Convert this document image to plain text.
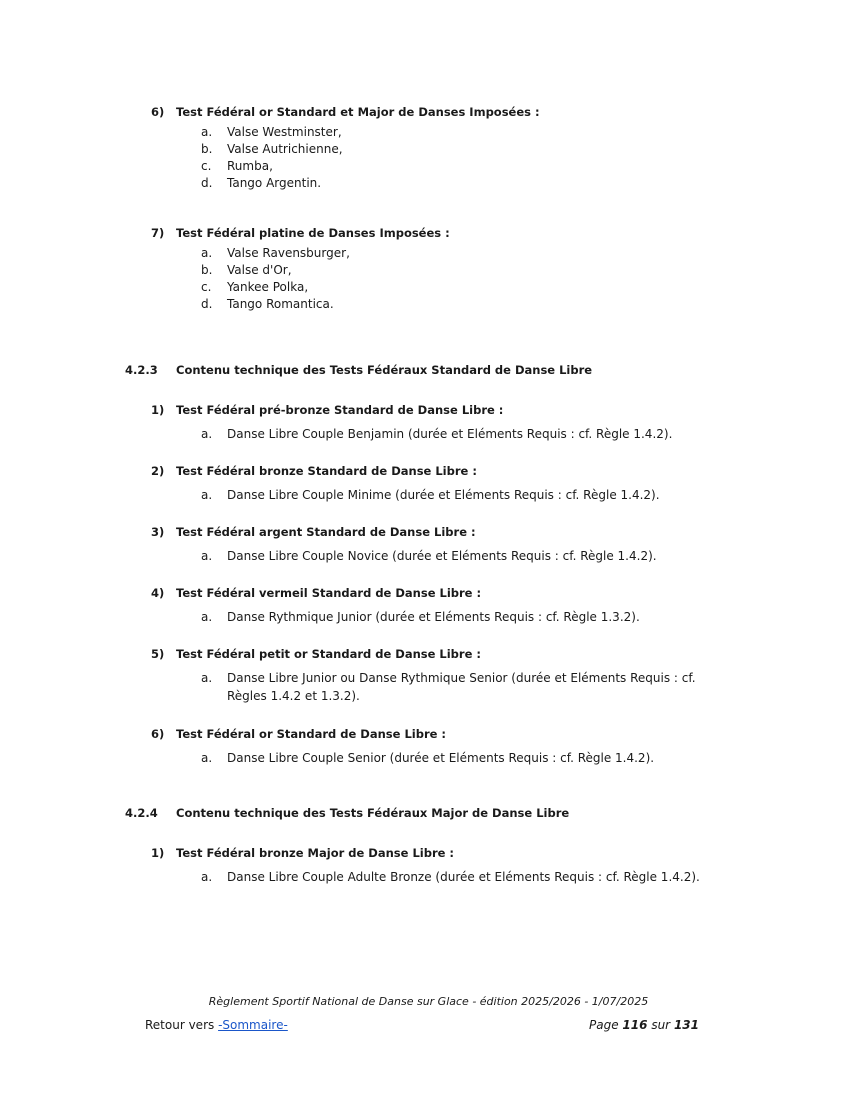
6) Test Fédéral or Standard et Major de Danses Imposées :
a. Valse Westminster,
b. Valse Autrichienne,
c. Rumba,
d. Tango Argentin.
7) Test Fédéral platine de Danses Imposées :
a. Valse Ravensburger,
b. Valse d'Or,
c. Yankee Polka,
d. Tango Romantica.
4.2.3 Contenu technique des Tests Fédéraux Standard de Danse Libre
1) Test Fédéral pré-bronze Standard de Danse Libre :
a. Danse Libre Couple Benjamin (durée et Eléments Requis : cf. Règle 1.4.2).
2) Test Fédéral bronze Standard de Danse Libre :
a. Danse Libre Couple Minime (durée et Eléments Requis : cf. Règle 1.4.2).
3) Test Fédéral argent Standard de Danse Libre :
a. Danse Libre Couple Novice (durée et Eléments Requis : cf. Règle 1.4.2).
4) Test Fédéral vermeil Standard de Danse Libre :
a. Danse Rythmique Junior (durée et Eléments Requis : cf. Règle 1.3.2).
5) Test Fédéral petit or Standard de Danse Libre :
a. Danse Libre Junior ou Danse Rythmique Senior (durée et Eléments Requis : cf.
Règles 1.4.2 et 1.3.2).
6) Test Fédéral or Standard de Danse Libre :
a. Danse Libre Couple Senior (durée et Eléments Requis : cf. Règle 1.4.2).
4.2.4 Contenu technique des Tests Fédéraux Major de Danse Libre
1) Test Fédéral bronze Major de Danse Libre :
a. Danse Libre Couple Adulte Bronze (durée et Eléments Requis : cf. Règle 1.4.2).
Règlement Sportif National de Danse sur Glace - édition 2025/2026 - 1/07/2025
Retour vers -Sommaire-	Page 116 sur 131
